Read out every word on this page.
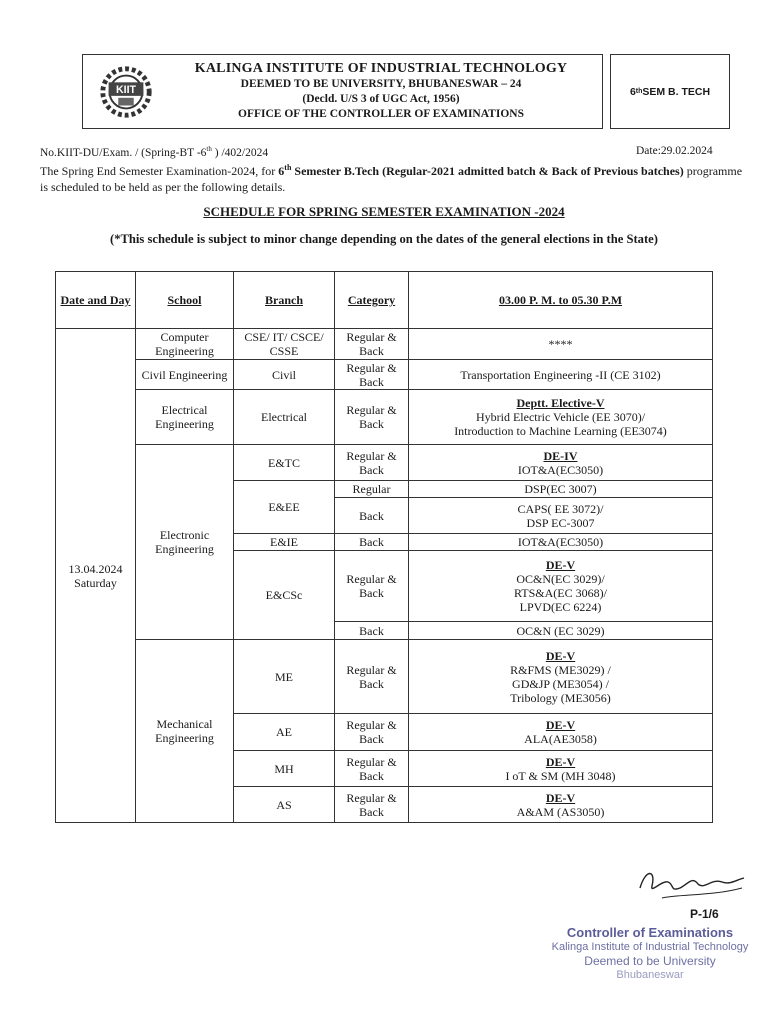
KIIT
KALINGA INSTITUTE OF INDUSTRIAL TECHNOLOGY
DEEMED TO BE UNIVERSITY, BHUBANESWAR – 24
(Decld. U/S 3 of UGC Act, 1956)
OFFICE OF THE CONTROLLER OF EXAMINATIONS
6 th SEM B. TECH
No.KIIT-DU/Exam. / (Spring-BT -6th ) /402/2024	Date:29.02.2024
The Spring End Semester Examination-2024, for 6th Semester B.Tech (Regular-2021 admitted batch & Back of Previous batches) programme is scheduled to be held as per the following details.
SCHEDULE FOR SPRING SEMESTER EXAMINATION -2024
(*This schedule is subject to minor change depending on the dates of the general elections in the State)
Date and Day	School	Branch	Category	03.00 P. M. to 05.30 P.M

13.04.2024
Saturday	Computer Engineering	CSE/ IT/ CSCE/ CSSE	Regular & Back	****

	Civil Engineering	Civil	Regular & Back	Transportation Engineering -II (CE 3102)

	Electrical Engineering	Electrical	Regular & Back	Deptt. Elective-V
Hybrid Electric Vehicle (EE 3070)/
Introduction to Machine Learning (EE3074)

	Electronic Engineering	E&TC	Regular & Back	DE-IV
IOT&A(EC3050)

		E&EE	Regular	DSP(EC 3007)

			Back	CAPS( EE 3072)/
DSP EC-3007

		E&IE	Back	IOT&A(EC3050)

		E&CSc	Regular & Back	DE-V
OC&N(EC 3029)/
RTS&A(EC 3068)/
LPVD(EC 6224)

			Back	OC&N (EC 3029)

	Mechanical Engineering	ME	Regular & Back	DE-V
R&FMS (ME3029) /
GD&JP (ME3054) /
Tribology (ME3056)

		AE	Regular & Back	DE-V
ALA(AE3058)

		MH	Regular & Back	DE-V
I oT & SM (MH 3048)

		AS	Regular & Back	DE-V
A&AM (AS3050)
P-1/6
Controller of Examinations
Kalinga Institute of Industrial Technology
Deemed to be University
Bhubaneswar
